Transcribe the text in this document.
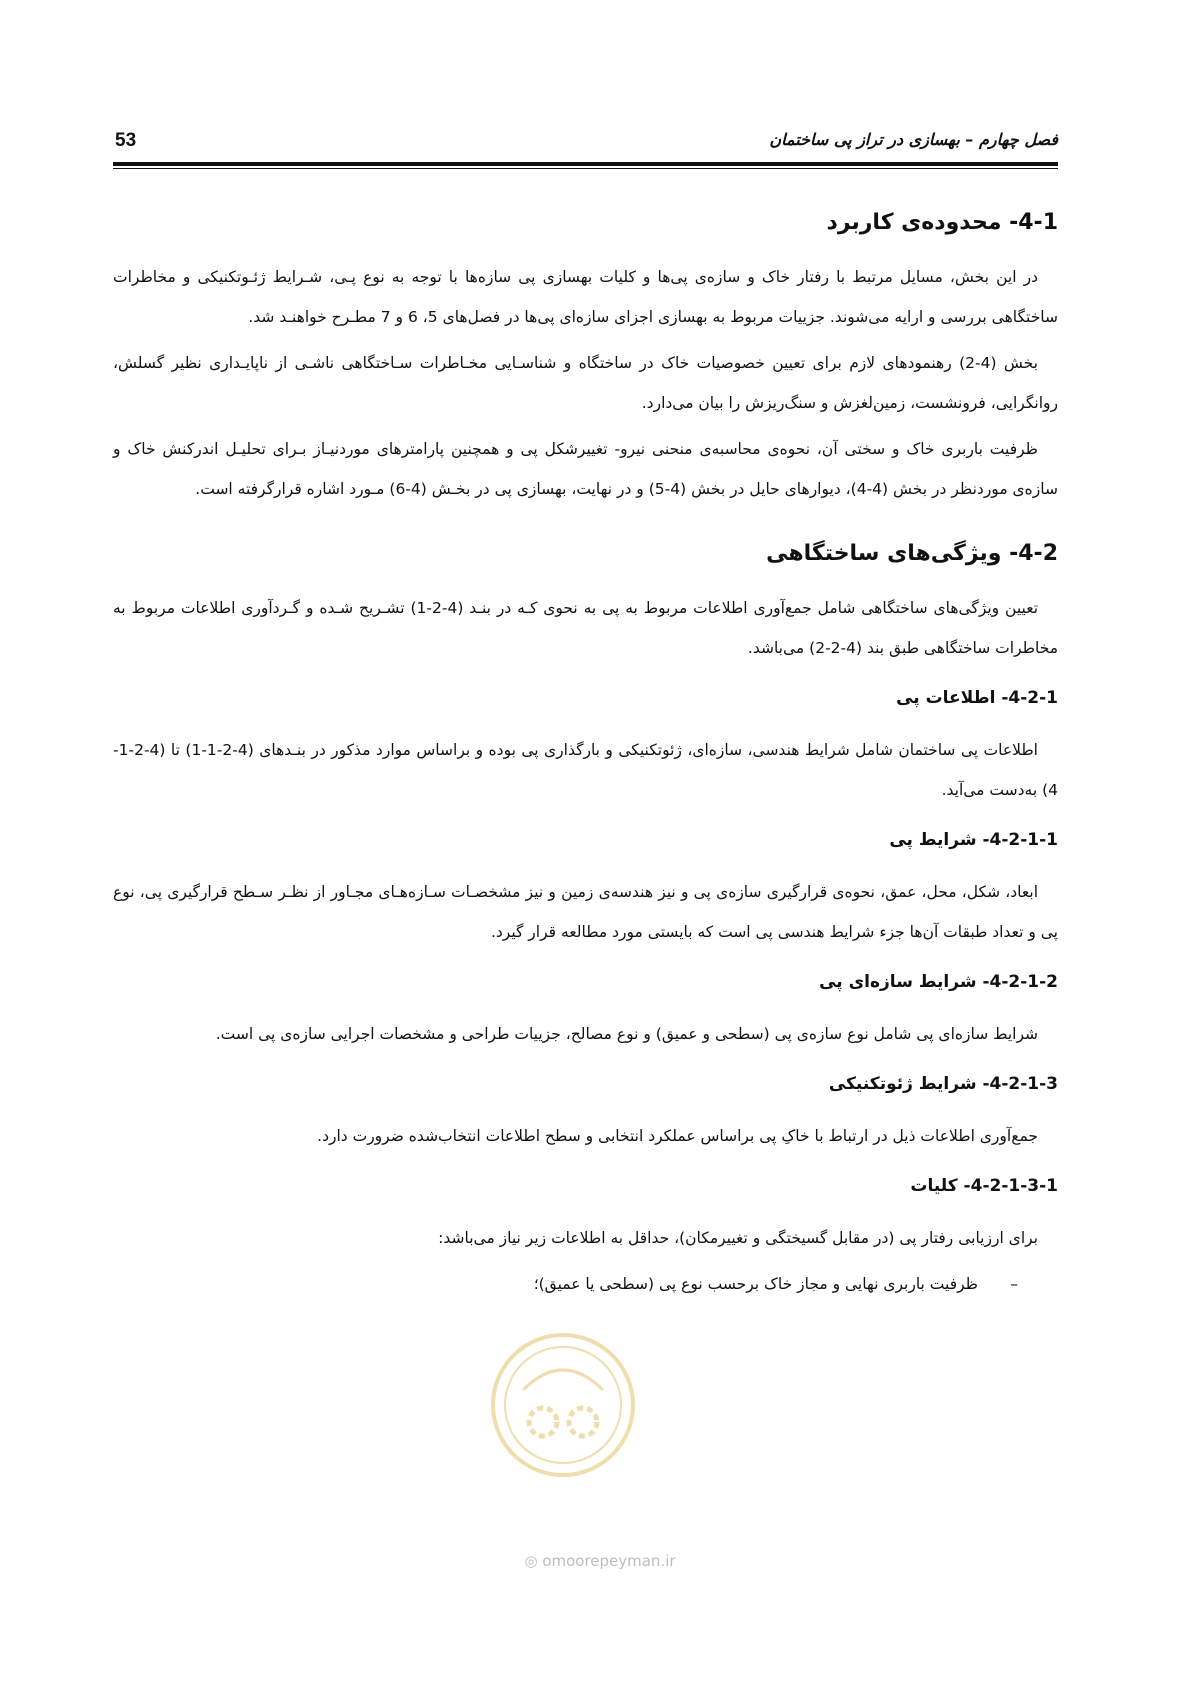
53	فصل چهارم – بهسازی در تراز پی ساختمان
4-1- محدوده‌ی کاربرد
در این بخش، مسایل مرتبط با رفتار خاک و سازه‌ی پی‌ها و کلیات بهسازی پی سازه‌ها با توجه به نوع پـی، شـرایط ژئـوتکنیکی و مخاطرات ساختگاهی بررسی و ارایه می‌شوند. جزییات مربوط به بهسازی اجزای سازه‌ای پی‌ها در فصل‌های 5، 6 و 7 مطـرح خواهنـد شد.
بخش (4-2) رهنمودهای لازم برای تعیین خصوصیات خاک در ساختگاه و شناسـایی مخـاطرات سـاختگاهی ناشـی از ناپایـداری نظیر گسلش، روانگرایی، فرونشست، زمین‌لغزش و سنگ‌ریزش را بیان می‌دارد.
ظرفیت باربری خاک و سختی آن، نحوه‌ی محاسبه‌ی منحنی نیرو- تغییرشکل پی و همچنین پارامترهای موردنیـاز بـرای تحلیـل اندرکنش خاک و سازه‌ی موردنظر در بخش (4-4)، دیوارهای حایل در بخش (4-5) و در نهایت، بهسازی پی در بخـش (4-6) مـورد اشاره قرارگرفته است.
4-2- ویژگی‌های ساختگاهی
تعیین ویژگی‌های ساختگاهی شامل جمع‌آوری اطلاعات مربوط به پی به نحوی کـه در بنـد (4-2-1) تشـریح شـده و گـردآوری اطلاعات مربوط به مخاطرات ساختگاهی طبق بند (4-2-2) می‌باشد.
4-2-1- اطلاعات پی
اطلاعات پی ساختمان شامل شرایط هندسی، سازه‌ای، ژئوتکنیکی و بارگذاری پی بوده و براساس موارد مذکور در بنـدهای (4-2-1-1) تا (4-2-1-4) به‌دست می‌آید.
4-2-1-1- شرایط پی
ابعاد، شکل، محل، عمق، نحوه‌ی قرارگیری سازه‌ی پی و نیز هندسه‌ی زمین و نیز مشخصـات سـازه‌هـای مجـاور از نظـر سـطح قرارگیری پی، نوع پی و تعداد طبقات آن‌ها جزء شرایط هندسی پی است که بایستی مورد مطالعه قرار گیرد.
4-2-1-2- شرایط سازه‌ای پی
شرایط سازه‌ای پی شامل نوع سازه‌ی پی (سطحی و عمیق) و نوع مصالح، جزییات طراحی و مشخصات اجرایی سازه‌ی پی است.
4-2-1-3- شرایط ژئوتکنیکی
جمع‌آوری اطلاعات ذیل در ارتباط با خاکِ پی براساس عملکرد انتخابی و سطح اطلاعات انتخاب‌شده ضرورت دارد.
4-2-1-3-1- کلیات
برای ارزیابی رفتار پی (در مقابل گسیختگی و تغییرمکان)، حداقل به اطلاعات زیر نیاز می‌باشد:
–ظرفیت باربری نهایی و مجاز خاک برحسب نوع پی (سطحی یا عمیق)؛
◎ omoorepeyman.ir
